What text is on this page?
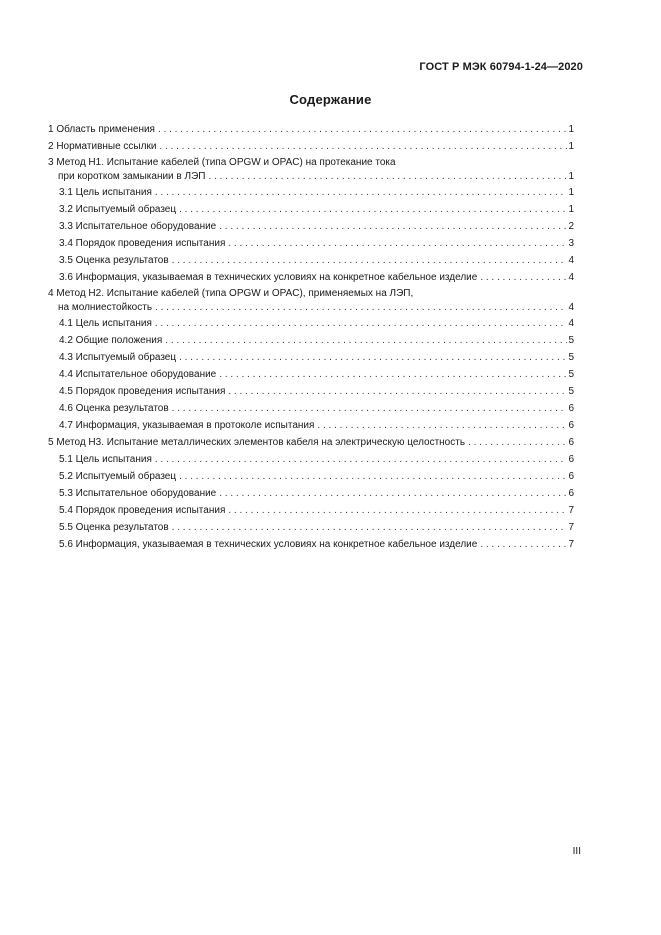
ГОСТ Р МЭК 60794-1-24—2020
Содержание
1 Область применения . . .	1
2 Нормативные ссылки . . .	1
3 Метод H1. Испытание кабелей (типа OPGW и OPAC) на протекание тока
при коротком замыкании в ЛЭП . . .	1
3.1 Цель испытания . . .	1
3.2 Испытуемый образец . . .	1
3.3 Испытательное оборудование . . .	2
3.4 Порядок проведения испытания . . .	3
3.5 Оценка результатов . . .	4
3.6 Информация, указываемая в технических условиях на конкретное кабельное изделие . . .	4
4 Метод H2. Испытание кабелей (типа OPGW и OPAC), применяемых на ЛЭП,
на молниестойкость . . .	4
4.1 Цель испытания . . .	4
4.2 Общие положения . . .	5
4.3 Испытуемый образец . . .	5
4.4 Испытательное оборудование . . .	5
4.5 Порядок проведения испытания . . .	5
4.6 Оценка результатов . . .	6
4.7 Информация, указываемая в протоколе испытания . . .	6
5 Метод H3. Испытание металлических элементов кабеля на электрическую целостность . . .	6
5.1 Цель испытания . . .	6
5.2 Испытуемый образец . . .	6
5.3 Испытательное оборудование . . .	6
5.4 Порядок проведения испытания . . .	7
5.5 Оценка результатов . . .	7
5.6 Информация, указываемая в технических условиях на конкретное кабельное изделие . . .	7
III
